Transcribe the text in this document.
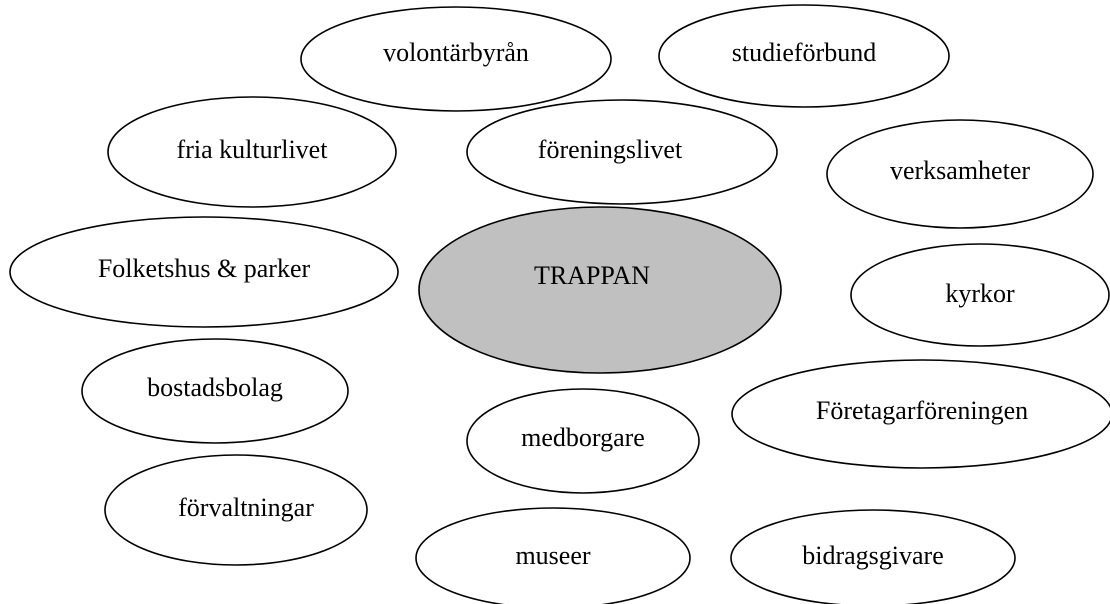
TRAPPAN
volontärbyrån	studieförbund
fria kulturlivet	föreningslivet
verksamheter
Folketshus & parker
kyrkor
bostadsbolag
Företagarföreningen
medborgare
förvaltningar
museer	bidragsgivare
